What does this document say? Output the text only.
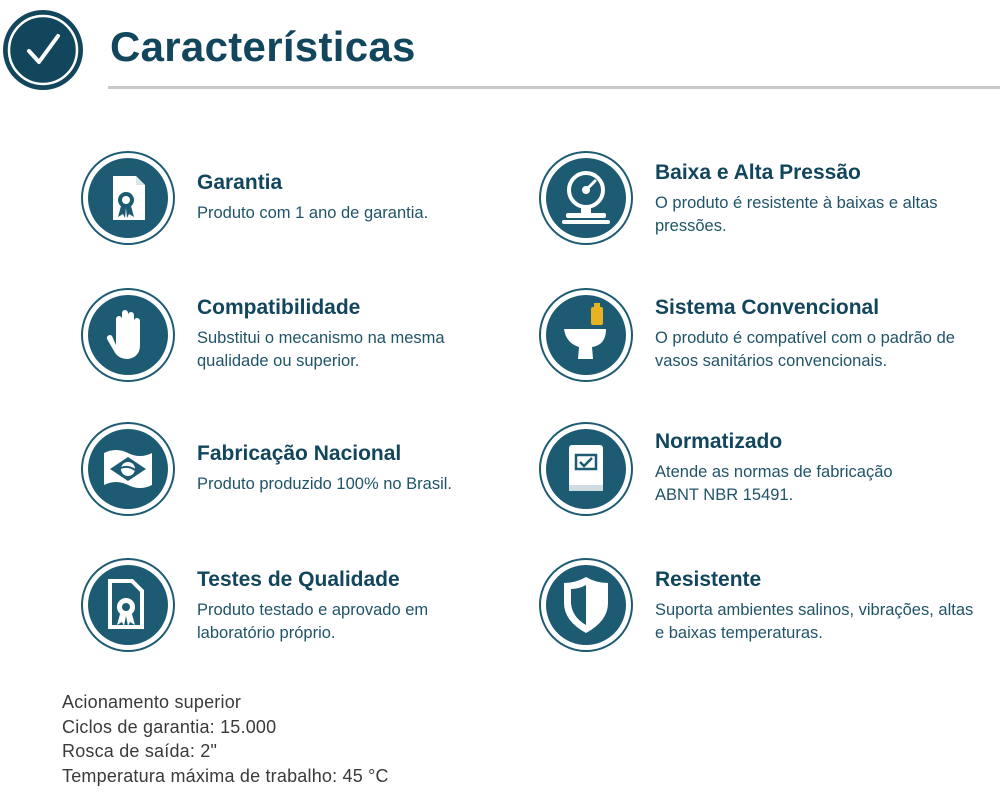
Características
Garantia
Produto com 1 ano de garantia.
Baixa e Alta Pressão
O produto é resistente à baixas e altas pressões.
Compatibilidade
Substitui o mecanismo na mesma qualidade ou superior.
Sistema Convencional
O produto é compatível com o padrão de vasos sanitários convencionais.
Fabricação Nacional
Produto produzido 100% no Brasil.
Normatizado
Atende as normas de fabricação ABNT NBR 15491.
Testes de Qualidade
Produto testado e aprovado em laboratório próprio.
Resistente
Suporta ambientes salinos, vibrações, altas e baixas temperaturas.
Acionamento superior
Ciclos de garantia: 15.000
Rosca de saída: 2"
Temperatura máxima de trabalho: 45 °C
